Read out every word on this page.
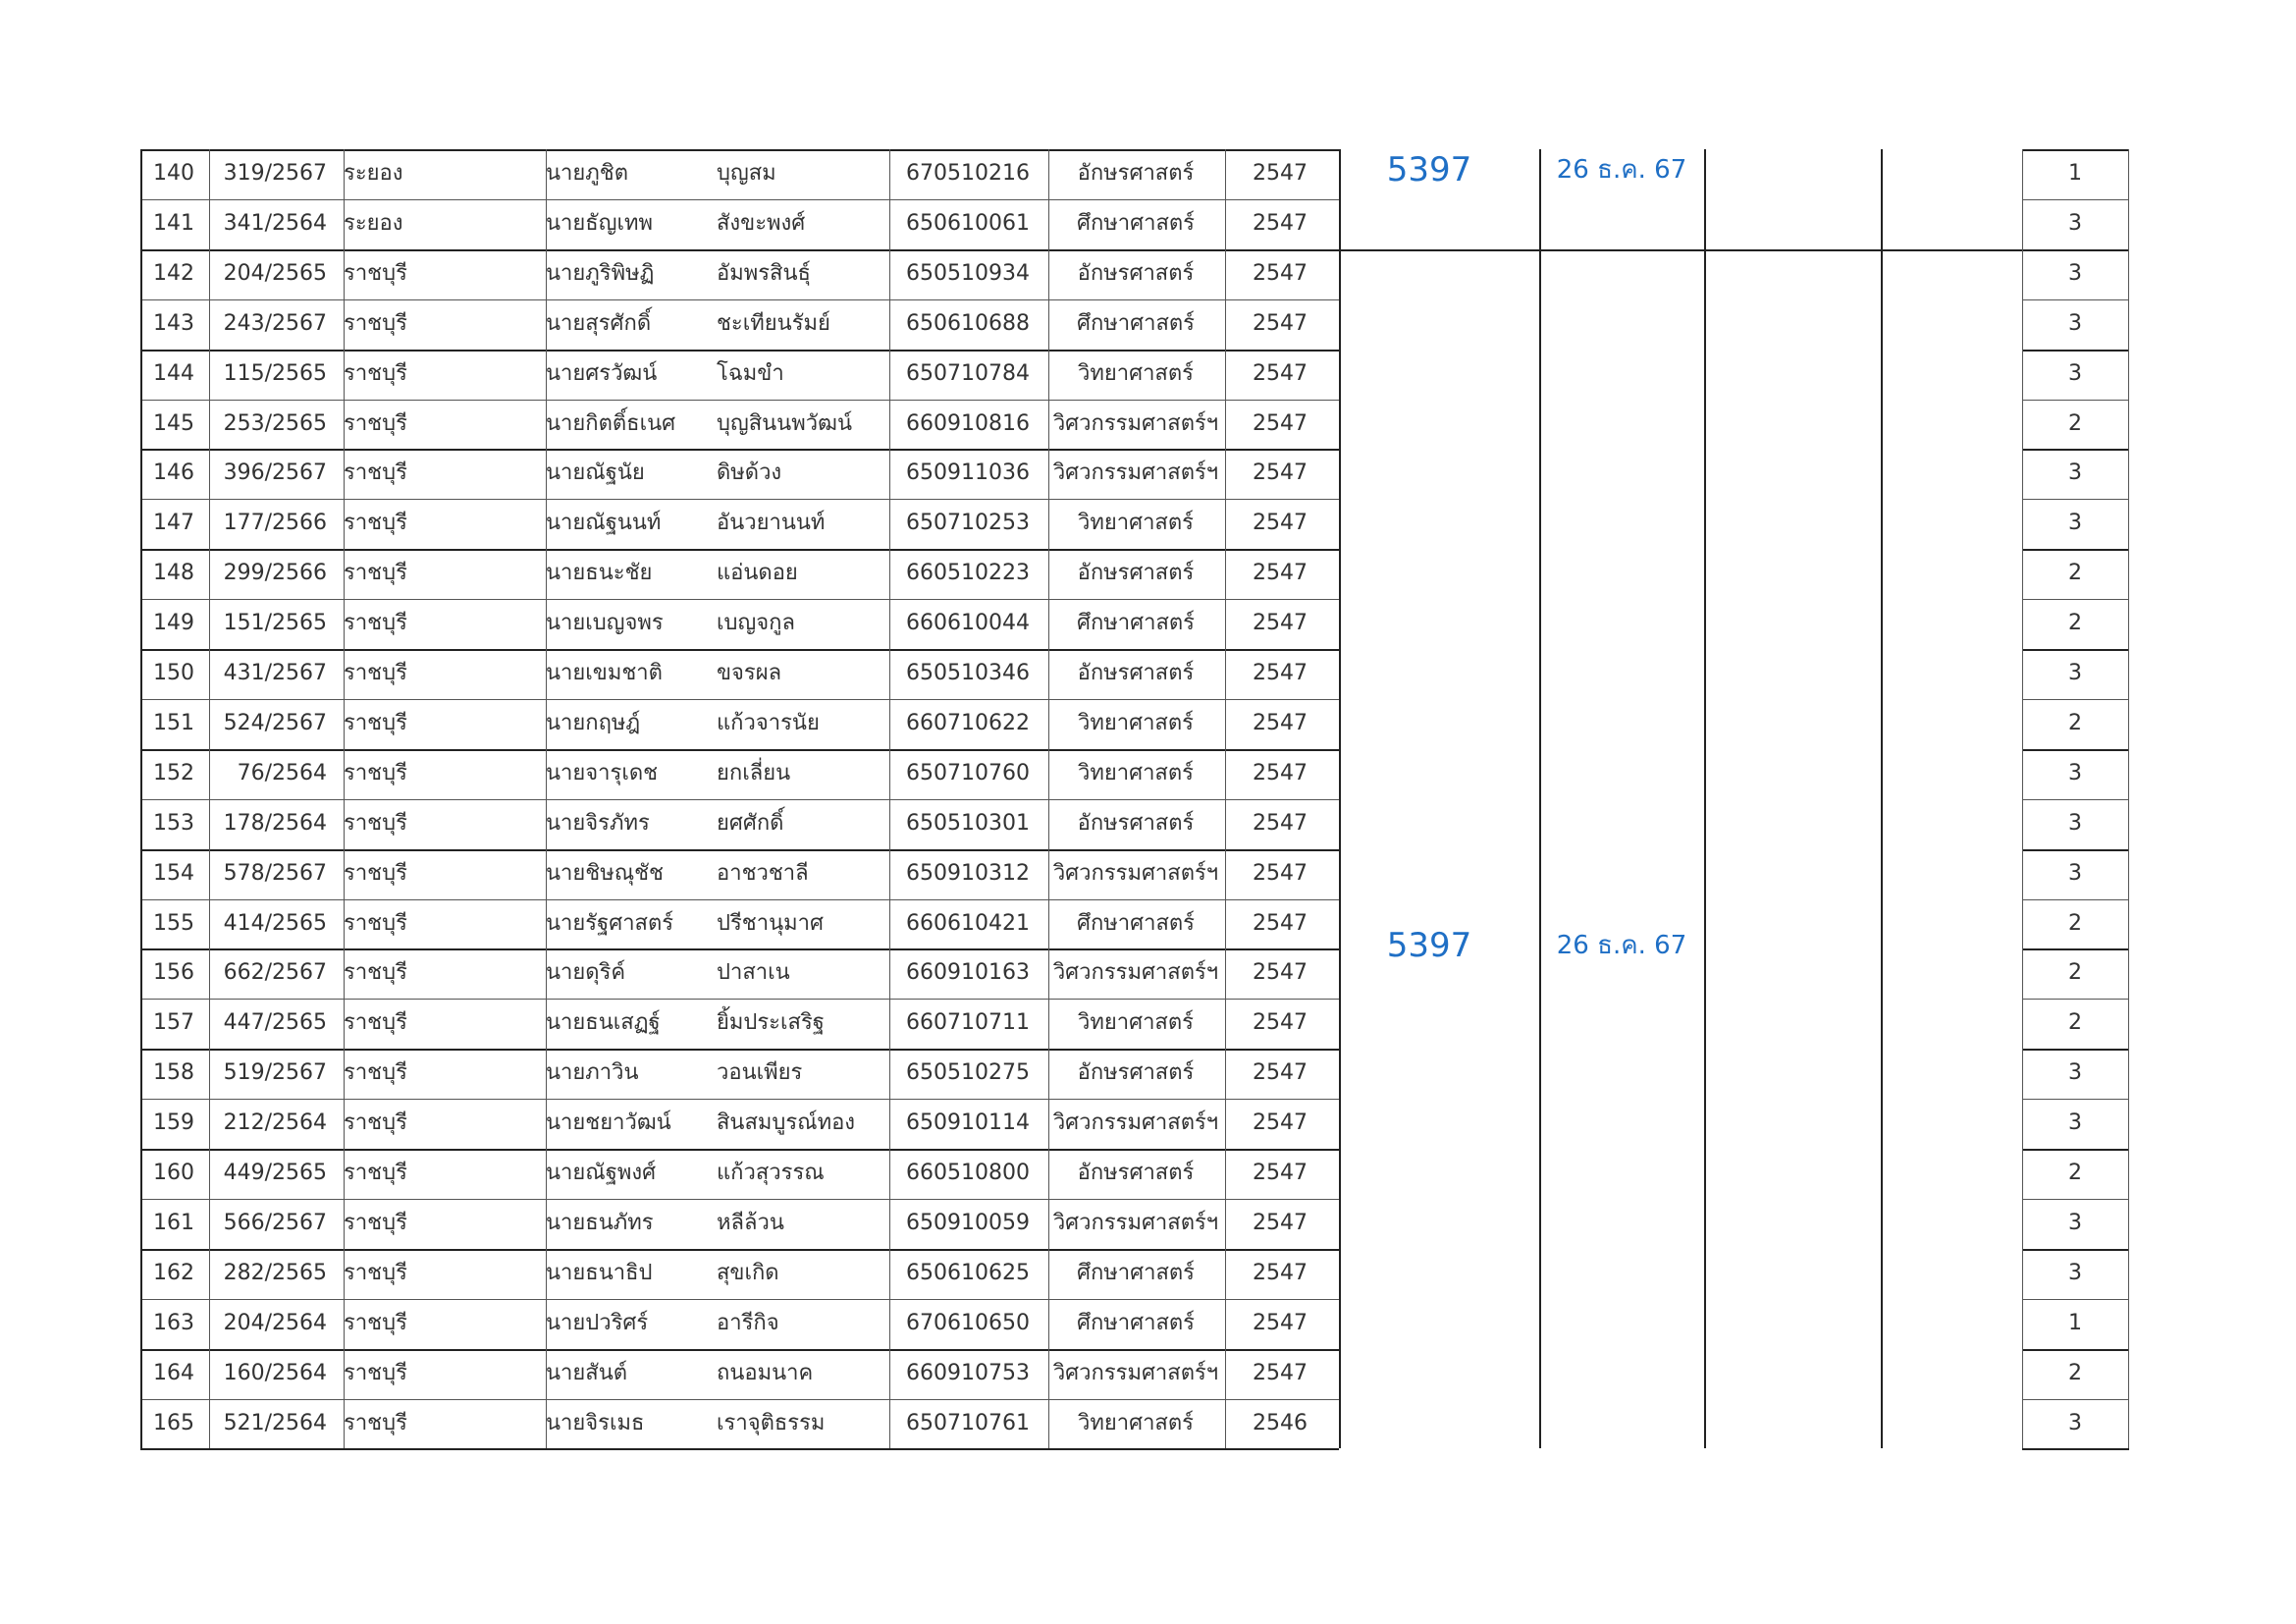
5397	26 ธ.ค. 67
5397	26 ธ.ค. 67
140	319/2567 ระยอง	นายภูชิต	บุญสม	670510216	อักษรศาสตร์	2547	1
141	341/2564 ระยอง	นายธัญเทพ	สังขะพงศ์	650610061	ศึกษาศาสตร์	2547	3
142	204/2565 ราชบุรี	นายภูริพิษฏิ	อัมพรสินธุ์	650510934	อักษรศาสตร์	2547	3
143	243/2567 ราชบุรี	นายสุรศักดิ์	ชะเทียนรัมย์	650610688	ศึกษาศาสตร์	2547	3
144	115/2565 ราชบุรี	นายศรวัฒน์	โฉมขำ	650710784	วิทยาศาสตร์	2547	3
145	253/2565 ราชบุรี	นายกิตติ์ธเนศ	บุญสินนพวัฒน์	660910816	วิศวกรรมศาสตร์ฯ	2547	2
146	396/2567 ราชบุรี	นายณัฐนัย	ดิษด้วง	650911036	วิศวกรรมศาสตร์ฯ	2547	3
147	177/2566 ราชบุรี	นายณัฐนนท์	อันวยานนท์	650710253	วิทยาศาสตร์	2547	3
148	299/2566 ราชบุรี	นายธนะชัย	แอ่นดอย	660510223	อักษรศาสตร์	2547	2
149	151/2565 ราชบุรี	นายเบญจพร	เบญจกูล	660610044	ศึกษาศาสตร์	2547	2
150	431/2567 ราชบุรี	นายเขมชาติ	ขจรผล	650510346	อักษรศาสตร์	2547	3
151	524/2567 ราชบุรี	นายกฤษฎ์	แก้วจารนัย	660710622	วิทยาศาสตร์	2547	2
152	76/2564 ราชบุรี	นายจารุเดช	ยกเลี่ยน	650710760	วิทยาศาสตร์	2547	3
153	178/2564 ราชบุรี	นายจิรภัทร	ยศศักดิ์	650510301	อักษรศาสตร์	2547	3
154	578/2567 ราชบุรี	นายชิษณุชัช	อาชวชาลี	650910312	วิศวกรรมศาสตร์ฯ	2547	3
155	414/2565 ราชบุรี	นายรัฐศาสตร์	ปรีชานุมาศ	660610421	ศึกษาศาสตร์	2547	2
156	662/2567 ราชบุรี	นายดุริค์	ปาสาเน	660910163	วิศวกรรมศาสตร์ฯ	2547	2
157	447/2565 ราชบุรี	นายธนเสฏฐ์	ยิ้มประเสริฐ	660710711	วิทยาศาสตร์	2547	2
158	519/2567 ราชบุรี	นายภาวิน	วอนเพียร	650510275	อักษรศาสตร์	2547	3
159	212/2564 ราชบุรี	นายชยาวัฒน์	สินสมบูรณ์ทอง	650910114	วิศวกรรมศาสตร์ฯ	2547	3
160	449/2565 ราชบุรี	นายณัฐพงศ์	แก้วสุวรรณ	660510800	อักษรศาสตร์	2547	2
161	566/2567 ราชบุรี	นายธนภัทร	หลีล้วน	650910059	วิศวกรรมศาสตร์ฯ	2547	3
162	282/2565 ราชบุรี	นายธนาธิป	สุขเกิด	650610625	ศึกษาศาสตร์	2547	3
163	204/2564 ราชบุรี	นายปวริศร์	อารีกิจ	670610650	ศึกษาศาสตร์	2547	1
164	160/2564 ราชบุรี	นายสันต์	ถนอมนาค	660910753	วิศวกรรมศาสตร์ฯ	2547	2
165	521/2564 ราชบุรี	นายจิรเมธ	เราจุติธรรม	650710761	วิทยาศาสตร์	2546	3
